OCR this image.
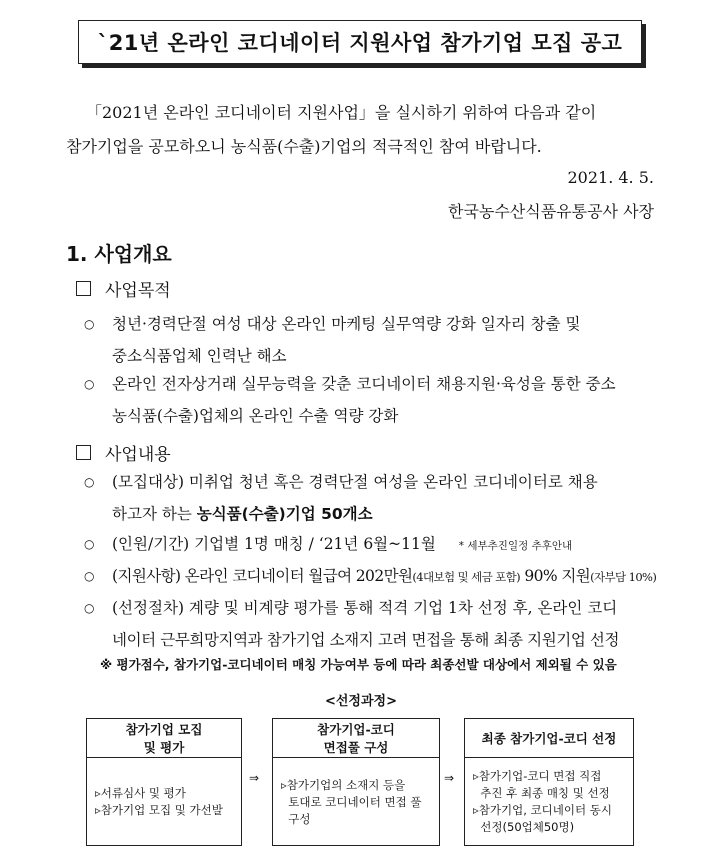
`21년 온라인 코디네이터 지원사업 참가기업 모집 공고
「2021년 온라인 코디네이터 지원사업」을 실시하기 위하여 다음과 같이
참가기업을 공모하오니 농식품(수출)기업의 적극적인 참여 바랍니다.
2021. 4. 5.
한국농수산식품유통공사 사장
1. 사업개요
사업목적
○ 청년·경력단절 여성 대상 온라인 마케팅 실무역량 강화 일자리 창출 및
중소식품업체 인력난 해소
○ 온라인 전자상거래 실무능력을 갖춘 코디네이터 채용지원·육성을 통한 중소
농식품(수출)업체의 온라인 수출 역량 강화
사업내용
○ (모집대상) 미취업 청년 혹은 경력단절 여성을 온라인 코디네이터로 채용
하고자 하는 농식품(수출)기업 50개소
○ (인원/기간) 기업별 1명 매칭 / ‘21년 6월~11월 * 세부추진일정 추후안내
○ (지원사항) 온라인 코디네이터 월급여 202만원(4대보험 및 세금 포함) 90% 지원(자부담 10%)
○ (선정절차) 계량 및 비계량 평가를 통해 적격 기업 1차 선정 후, 온라인 코디
네이터 근무희망지역과 참가기업 소재지 고려 면접을 통해 최종 지원기업 선정
※ 평가점수, 참가기업-코디네이터 매칭 가능여부 등에 따라 최종선발 대상에서 제외될 수 있음
<선정과정>
참가기업 모집
및 평가
▹서류심사 및 평가
▹참가기업 모집 및 가선발
⇒
참가기업-코디
면접풀 구성
▹참가기업의 소재지 등을
토대로 코디네이터 면접 풀
구성
⇒
최종 참가기업-코디 선정
▹참가기업-코디 면접 직접
추진 후 최종 매칭 및 선정
▹참가기업, 코디네이터 동시
선정(50업체50명)
